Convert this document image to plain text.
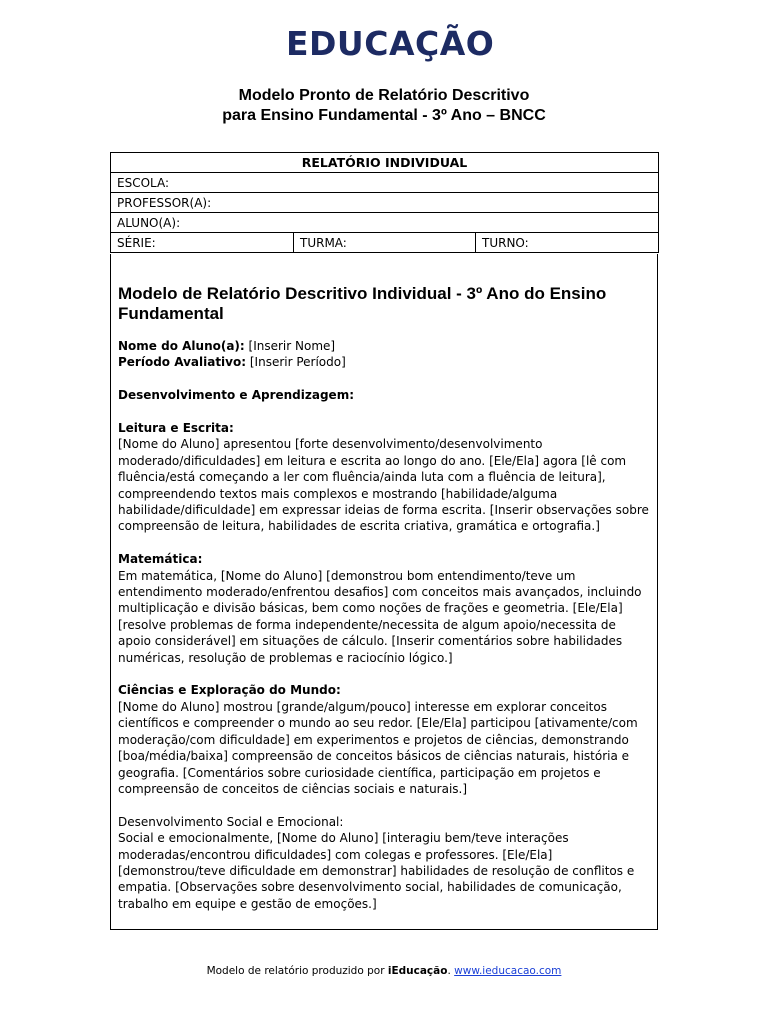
EDUCAÇÃO
Modelo Pronto de Relatório Descritivo
para Ensino Fundamental - 3º Ano – BNCC
RELATÓRIO INDIVIDUAL
ESCOLA:
PROFESSOR(A):
ALUNO(A):
SÉRIE:	TURMA:	TURNO:
Modelo de Relatório Descritivo Individual - 3º Ano do Ensino Fundamental

Nome do Aluno(a): [Inserir Nome]

Período Avaliativo: [Inserir Período]

Desenvolvimento e Aprendizagem:

Leitura e Escrita:

[Nome do Aluno] apresentou [forte desenvolvimento/desenvolvimento moderado/dificuldades] em leitura e escrita ao longo do ano. [Ele/Ela] agora [lê com fluência/está começando a ler com fluência/ainda luta com a fluência de leitura], compreendendo textos mais complexos e mostrando [habilidade/alguma habilidade/dificuldade] em expressar ideias de forma escrita. [Inserir observações sobre compreensão de leitura, habilidades de escrita criativa, gramática e ortografia.]

Matemática:

Em matemática, [Nome do Aluno] [demonstrou bom entendimento/teve um entendimento moderado/enfrentou desafios] com conceitos mais avançados, incluindo multiplicação e divisão básicas, bem como noções de frações e geometria. [Ele/Ela] [resolve problemas de forma independente/necessita de algum apoio/necessita de apoio considerável] em situações de cálculo. [Inserir comentários sobre habilidades numéricas, resolução de problemas e raciocínio lógico.]

Ciências e Exploração do Mundo:

[Nome do Aluno] mostrou [grande/algum/pouco] interesse em explorar conceitos científicos e compreender o mundo ao seu redor. [Ele/Ela] participou [ativamente/com moderação/com dificuldade] em experimentos e projetos de ciências, demonstrando [boa/média/baixa] compreensão de conceitos básicos de ciências naturais, história e geografia. [Comentários sobre curiosidade científica, participação em projetos e compreensão de conceitos de ciências sociais e naturais.]

Desenvolvimento Social e Emocional:

Social e emocionalmente, [Nome do Aluno] [interagiu bem/teve interações moderadas/encontrou dificuldades] com colegas e professores. [Ele/Ela] [demonstrou/teve dificuldade em demonstrar] habilidades de resolução de conflitos e empatia. [Observações sobre desenvolvimento social, habilidades de comunicação, trabalho em equipe e gestão de emoções.]

Modelo de relatório produzido por iEducação. www.ieducacao.com
